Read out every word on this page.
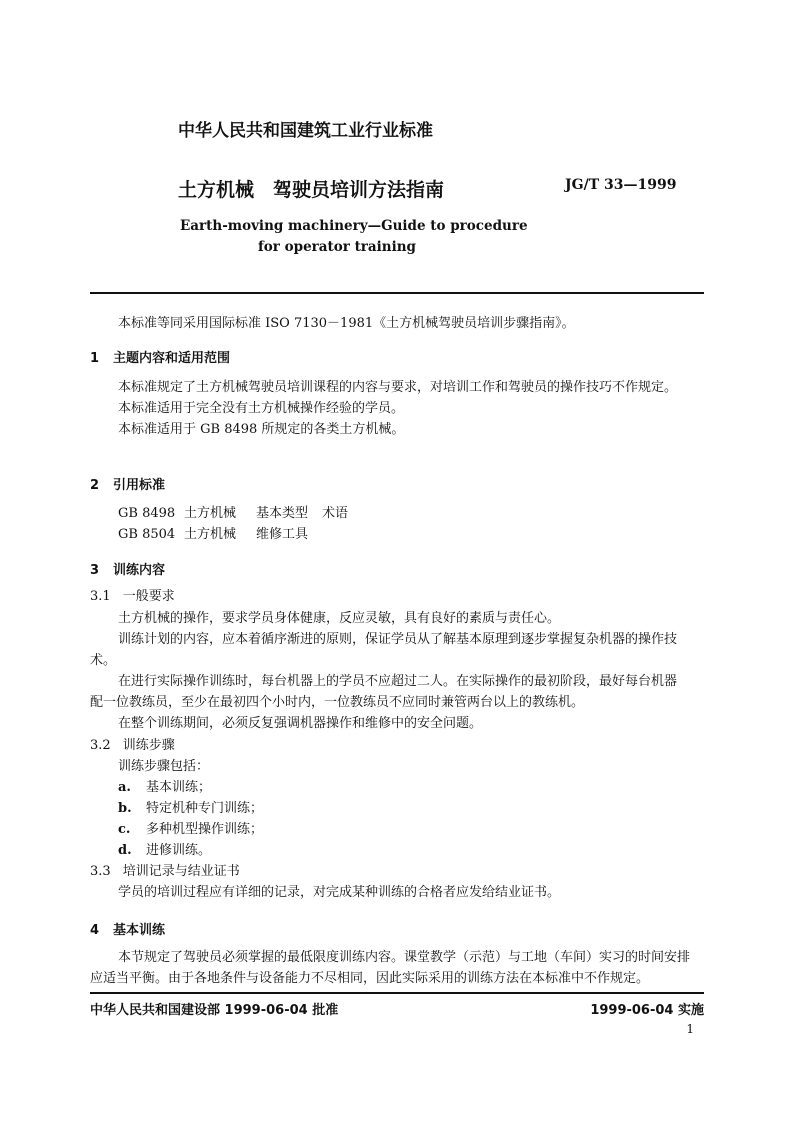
中华人民共和国建筑工业行业标准
土方机械　驾驶员培训方法指南	JG/T 33—1999
Earth-moving machinery—Guide to procedure
for operator training
本标准等同采用国际标准 ISO 7130－1981《土方机械驾驶员培训步骤指南》。
1 主题内容和适用范围
本标准规定了土方机械驾驶员培训课程的内容与要求，对培训工作和驾驶员的操作技巧不作规定。
本标准适用于完全没有土方机械操作经验的学员。
本标准适用于 GB 8498 所规定的各类土方机械。
2 引用标准
GB 8498 土方机械 基本类型 术语
GB 8504 土方机械 维修工具
3 训练内容
3.1 一般要求
土方机械的操作，要求学员身体健康，反应灵敏，具有良好的素质与责任心。
训练计划的内容，应本着循序渐进的原则，保证学员从了解基本原理到逐步掌握复杂机器的操作技
术。
在进行实际操作训练时，每台机器上的学员不应超过二人。在实际操作的最初阶段，最好每台机器
配一位教练员，至少在最初四个小时内，一位教练员不应同时兼管两台以上的教练机。
在整个训练期间，必须反复强调机器操作和维修中的安全问题。
3.2 训练步骤
训练步骤包括：
a. 基本训练；
b. 特定机种专门训练；
c. 多种机型操作训练；
d. 进修训练。
3.3 培训记录与结业证书
学员的培训过程应有详细的记录，对完成某种训练的合格者应发给结业证书。
4 基本训练
本节规定了驾驶员必须掌握的最低限度训练内容。课堂教学（示范）与工地（车间）实习的时间安排
应适当平衡。由于各地条件与设备能力不尽相同，因此实际采用的训练方法在本标准中不作规定。
中华人民共和国建设部 1999-06-04 批准	1999-06-04 实施
1
